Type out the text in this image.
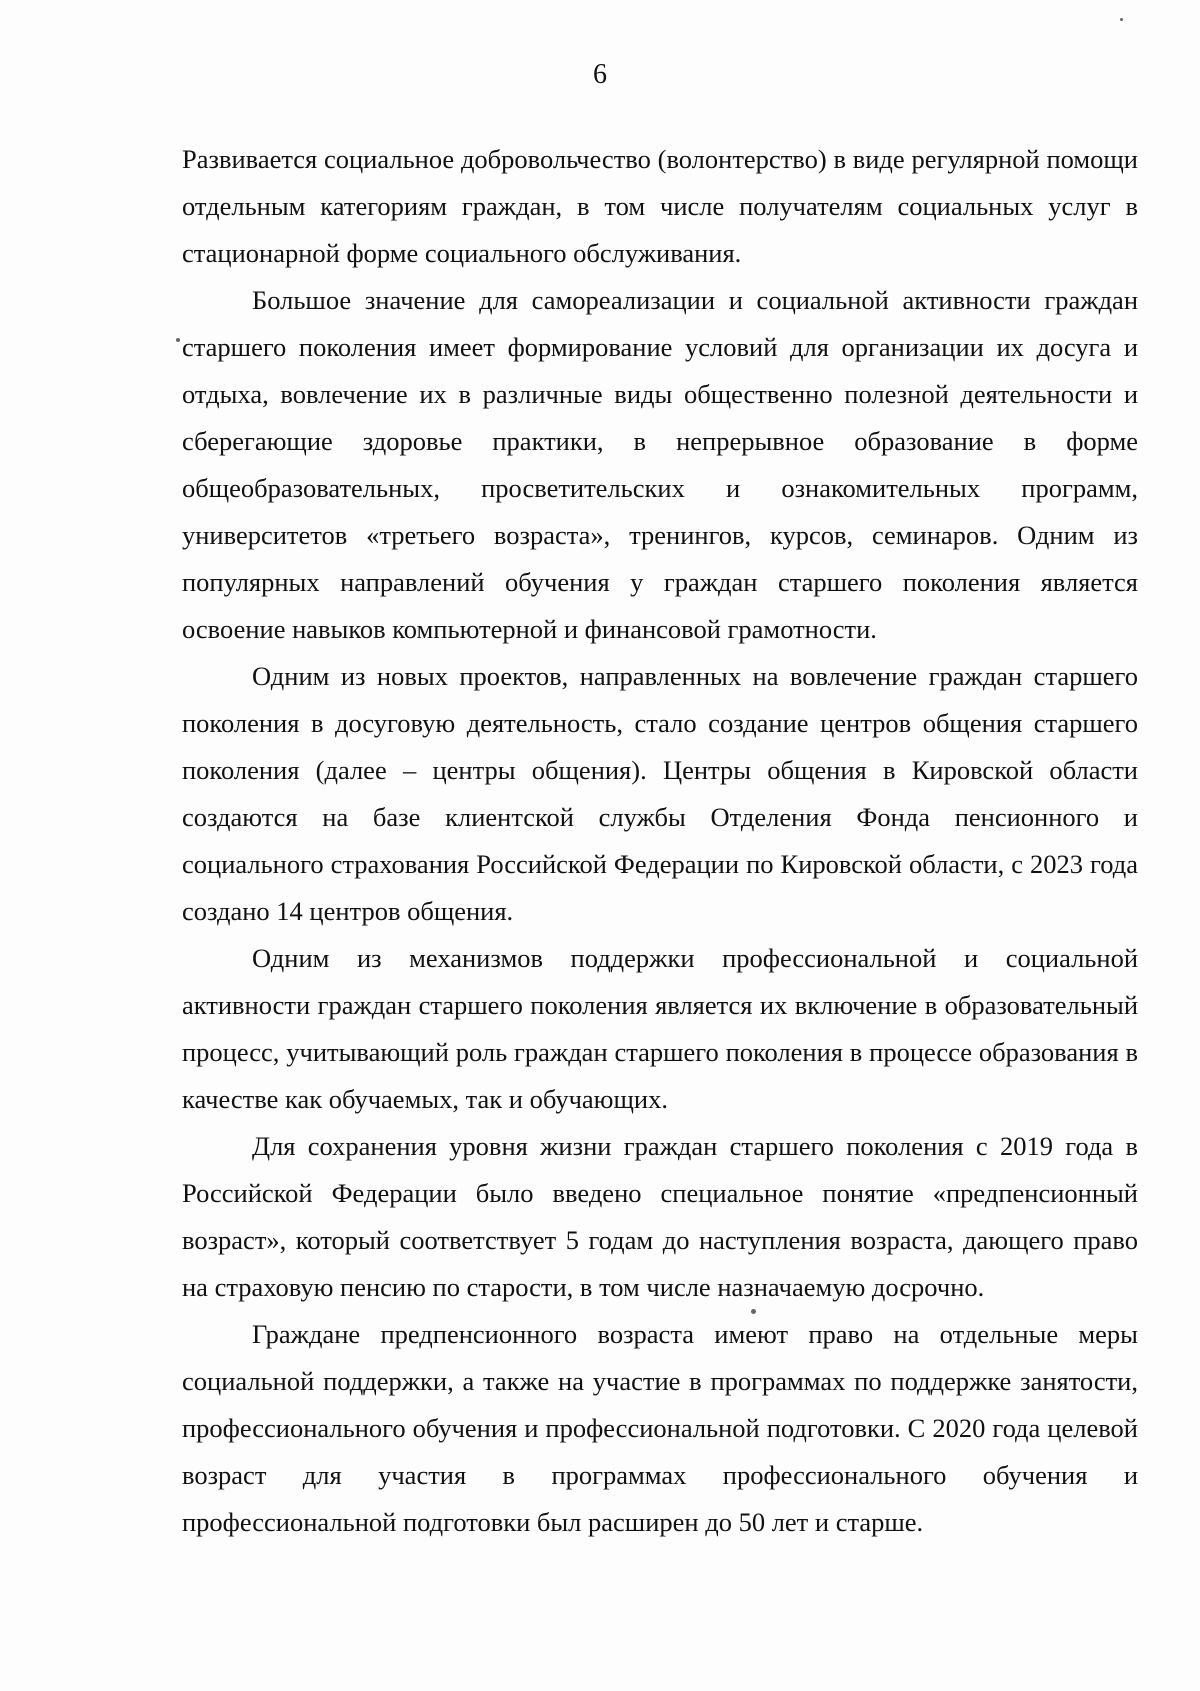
6

Развивается социальное добровольчество (волонтерство) в виде регулярной помощи отдельным категориям граждан, в том числе получателям социальных услуг в стационарной форме социального обслуживания.

Большое значение для самореализации и социальной активности граждан старшего поколения имеет формирование условий для организации их досуга и отдыха, вовлечение их в различные виды общественно полезной деятельности и сберегающие здоровье практики, в непрерывное образование в форме общеобразовательных, просветительских и ознакомительных программ, университетов «третьего возраста», тренингов, курсов, семинаров. Одним из популярных направлений обучения у граждан старшего поколения является освоение навыков компьютерной и финансовой грамотности.

Одним из новых проектов, направленных на вовлечение граждан старшего поколения в досуговую деятельность, стало создание центров общения старшего поколения (далее – центры общения). Центры общения в Кировской области создаются на базе клиентской службы Отделения Фонда пенсионного и социального страхования Российской Федерации по Кировской области, с 2023 года создано 14 центров общения.

Одним из механизмов поддержки профессиональной и социальной активности граждан старшего поколения является их включение в образовательный процесс, учитывающий роль граждан старшего поколения в процессе образования в качестве как обучаемых, так и обучающих.

Для сохранения уровня жизни граждан старшего поколения с 2019 года в Российской Федерации было введено специальное понятие «предпенсионный возраст», который соответствует 5 годам до наступления возраста, дающего право на страховую пенсию по старости, в том числе назначаемую досрочно.

Граждане предпенсионного возраста имеют право на отдельные меры социальной поддержки, а также на участие в программах по поддержке занятости, профессионального обучения и профессиональной подготовки. С 2020 года целевой возраст для участия в программах профессионального обучения и профессиональной подготовки был расширен до 50 лет и старше.
